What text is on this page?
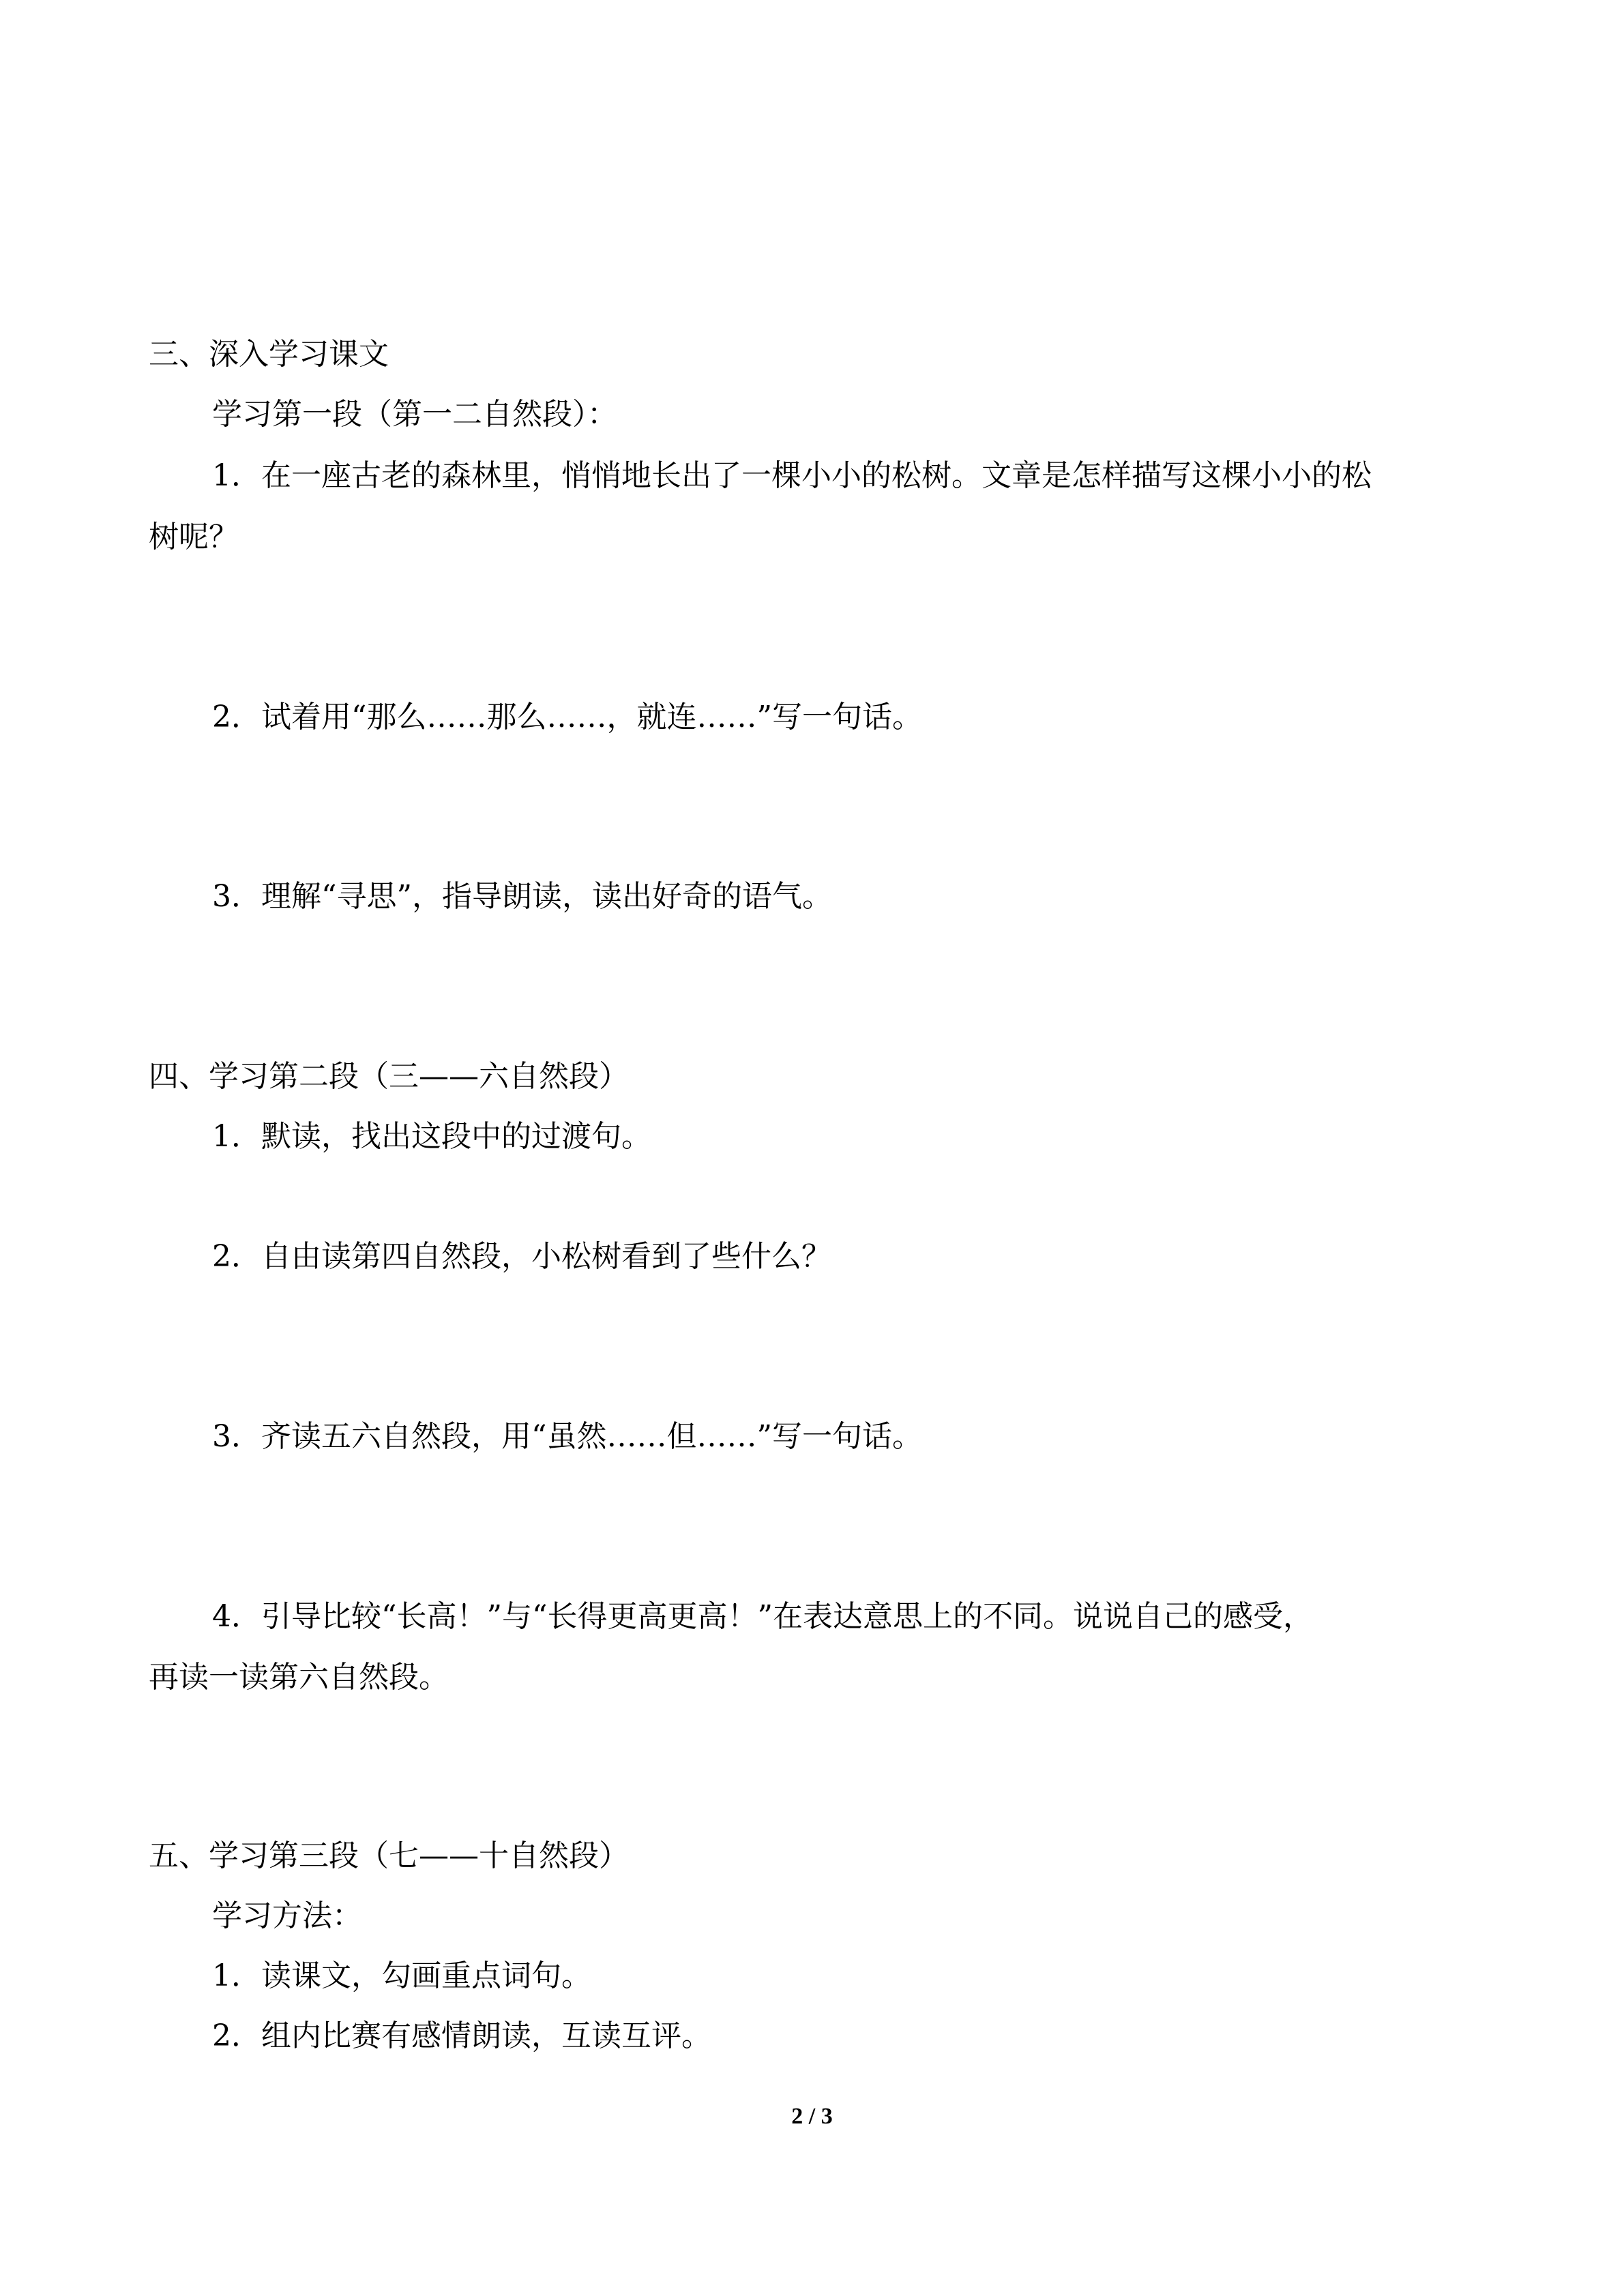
三、深入学习课文
学习第一段（第一二自然段）：
1．在一座古老的森林里，悄悄地长出了一棵小小的松树。文章是怎样描写这棵小小的松
树呢？
2．试着用“那么……那么……，就连……”写一句话。
3．理解“寻思”，指导朗读，读出好奇的语气。
四、学习第二段（三——六自然段）
1．默读，找出这段中的过渡句。
2．自由读第四自然段，小松树看到了些什么？
3．齐读五六自然段，用“虽然……但……”写一句话。
4．引导比较“长高！”与“长得更高更高！”在表达意思上的不同。说说自己的感受，
再读一读第六自然段。
五、学习第三段（七——十自然段）
学习方法：
1．读课文，勾画重点词句。
2．组内比赛有感情朗读，互读互评。
2 / 3
